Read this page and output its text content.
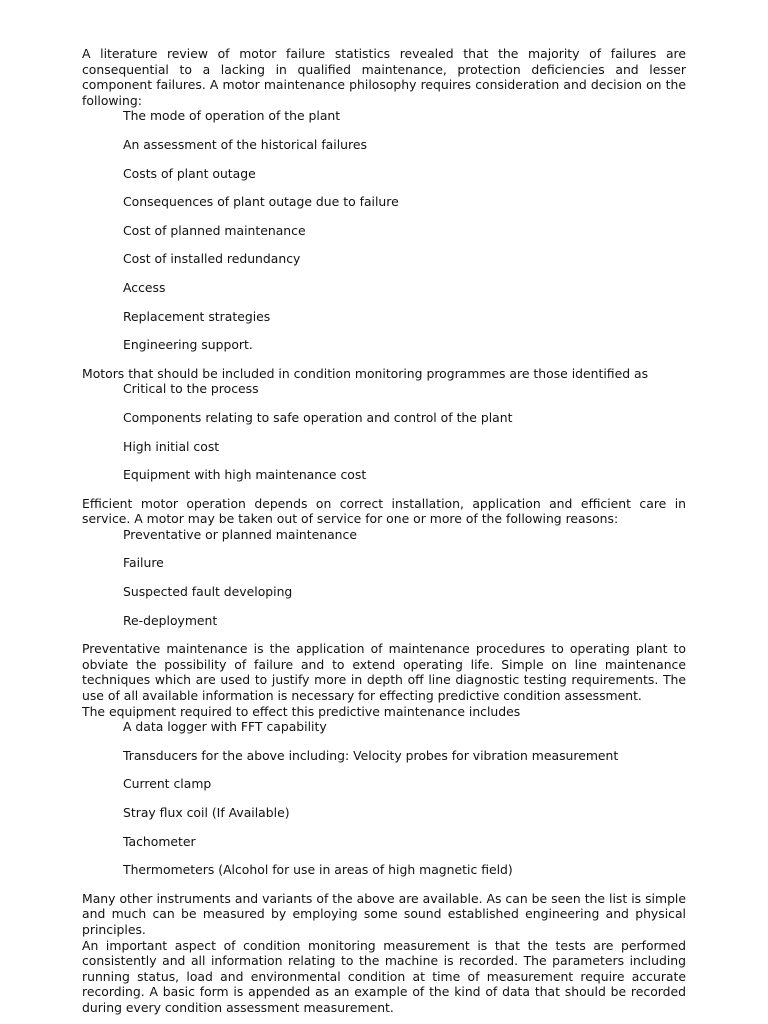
A literature review of motor failure statistics revealed that the majority of failures are consequential to a lacking in qualified maintenance, protection deficiencies and lesser component failures. A motor maintenance philosophy requires consideration and decision on the following:

The mode of operation of the plant
An assessment of the historical failures
Costs of plant outage
Consequences of plant outage due to failure
Cost of planned maintenance
Cost of installed redundancy
Access
Replacement strategies
Engineering support.

Motors that should be included in condition monitoring programmes are those identified as

Critical to the process
Components relating to safe operation and control of the plant
High initial cost
Equipment with high maintenance cost

Efficient motor operation depends on correct installation, application and efficient care in service. A motor may be taken out of service for one or more of the following reasons:

Preventative or planned maintenance
Failure
Suspected fault developing
Re-deployment

Preventative maintenance is the application of maintenance procedures to operating plant to obviate the possibility of failure and to extend operating life. Simple on line maintenance techniques which are used to justify more in depth off line diagnostic testing requirements. The use of all available information is necessary for effecting predictive condition assessment.

The equipment required to effect this predictive maintenance includes

A data logger with FFT capability
Transducers for the above including: Velocity probes for vibration measurement
Current clamp
Stray flux coil (If Available)
Tachometer
Thermometers (Alcohol for use in areas of high magnetic field)

Many other instruments and variants of the above are available. As can be seen the list is simple and much can be measured by employing some sound established engineering and physical principles.

An important aspect of condition monitoring measurement is that the tests are performed consistently and all information relating to the machine is recorded. The parameters including running status, load and environmental condition at time of measurement require accurate recording. A basic form is appended as an example of the kind of data that should be recorded during every condition assessment measurement.
